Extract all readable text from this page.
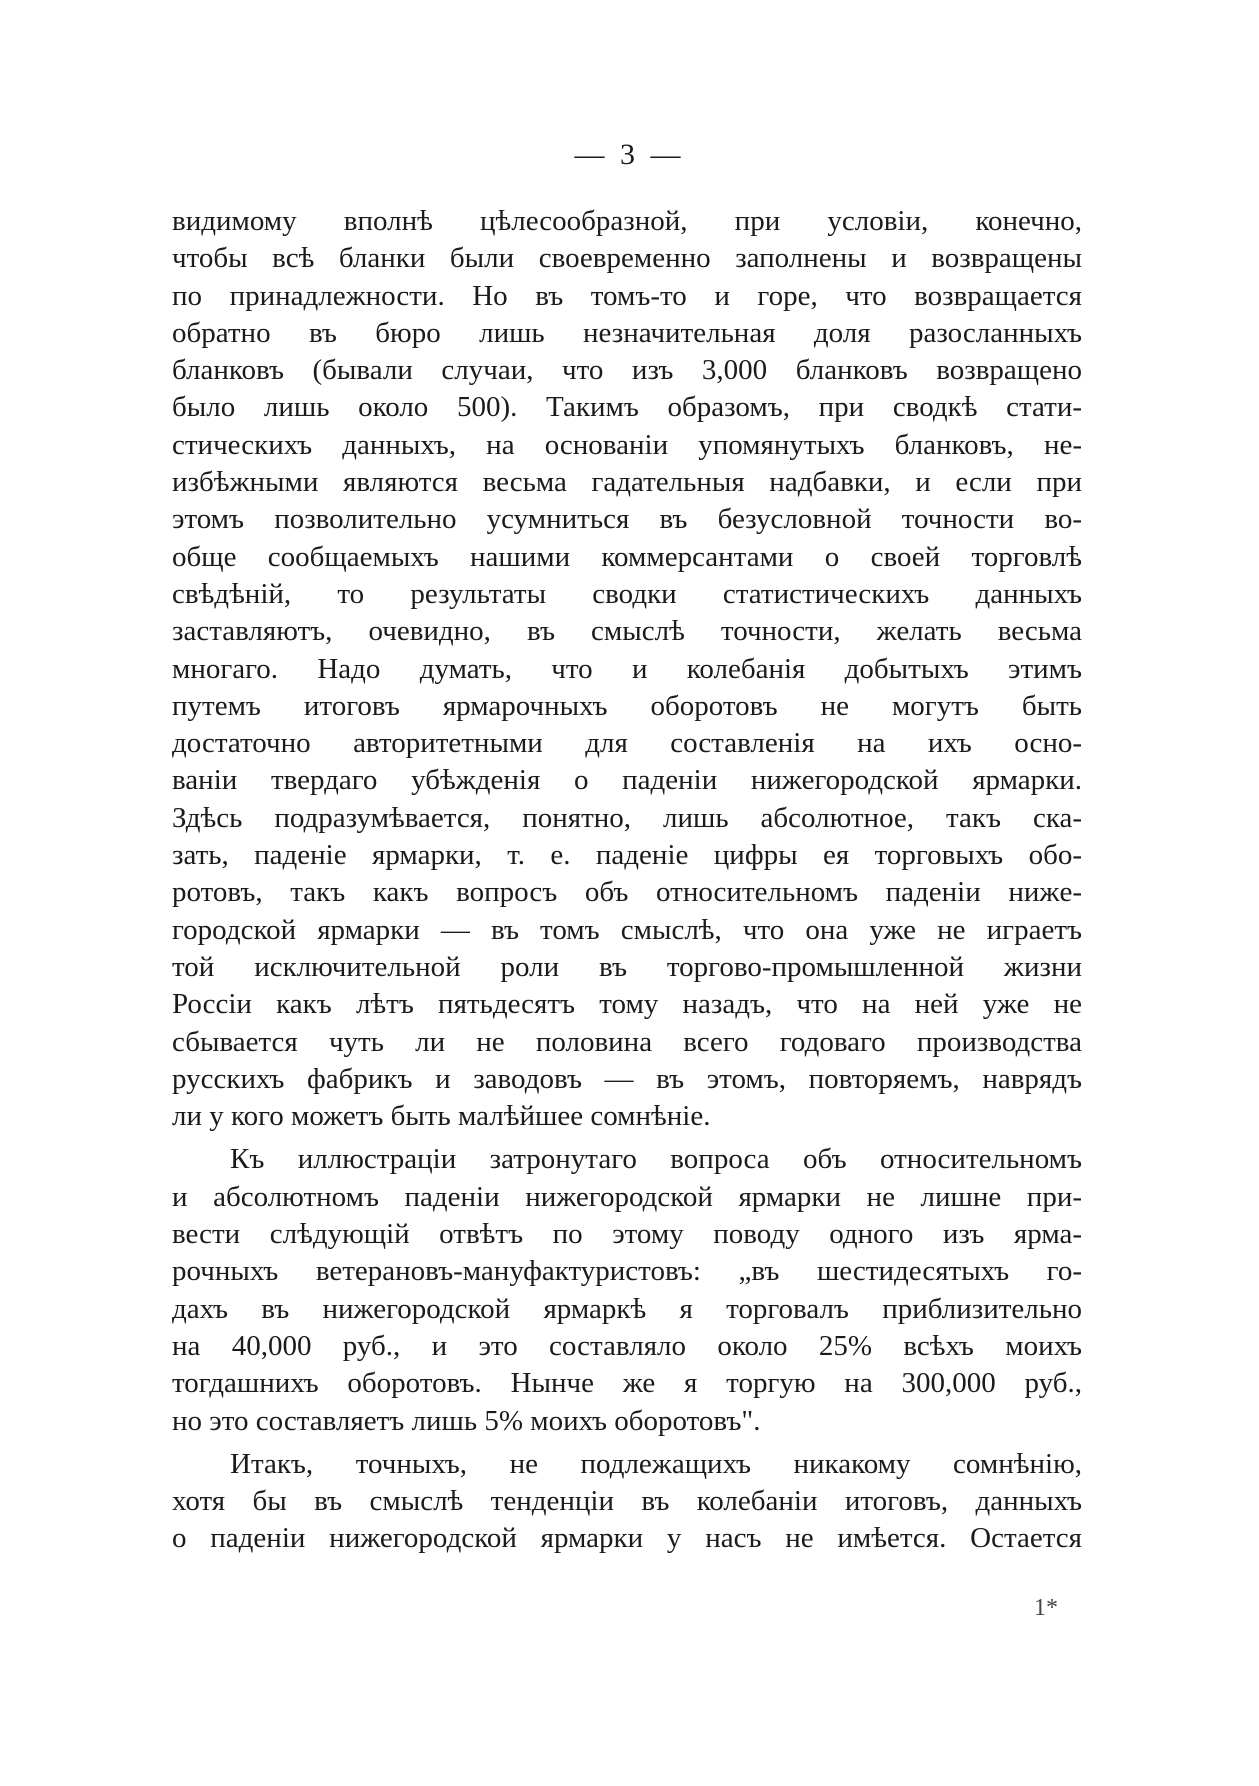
— 3 —
видимому вполнѣ цѣлесообразной, при условіи, конечно,
чтобы всѣ бланки были своевременно заполнены и возвращены
по принадлежности. Но въ томъ-то и горе, что возвращается
обратно въ бюро лишь незначительная доля разосланныхъ
бланковъ (бывали случаи, что изъ 3,000 бланковъ возвращено
было лишь около 500). Такимъ образомъ, при сводкѣ стати-
стическихъ данныхъ, на основаніи упомянутыхъ бланковъ, не-
избѣжными являются весьма гадательныя надбавки, и если при
этомъ позволительно усумниться въ безусловной точности во-
обще сообщаемыхъ нашими коммерсантами о своей торговлѣ
свѣдѣній, то результаты сводки статистическихъ данныхъ
заставляютъ, очевидно, въ смыслѣ точности, желать весьма
многаго. Надо думать, что и колебанія добытыхъ этимъ
путемъ итоговъ ярмарочныхъ оборотовъ не могутъ быть
достаточно авторитетными для составленія на ихъ осно-
ваніи твердаго убѣжденія о паденіи нижегородской ярмарки.
Здѣсь подразумѣвается, понятно, лишь абсолютное, такъ ска-
зать, паденіе ярмарки, т. е. паденіе цифры ея торговыхъ обо-
ротовъ, такъ какъ вопросъ объ относительномъ паденіи нижe-
городской ярмарки — въ томъ смыслѣ, что она уже не играетъ
той исключительной роли въ торгово-промышленной жизни
Россіи какъ лѣтъ пятьдесятъ тому назадъ, что на ней уже не
сбывается чуть ли не половина всего годоваго производства
русскихъ фабрикъ и заводовъ — въ этомъ, повторяемъ, наврядъ
ли у кого можетъ быть малѣйшее сомнѣніе.
Къ иллюстраціи затронутаго вопроса объ относительномъ
и абсолютномъ паденіи нижегородской ярмарки не лишне при-
вести слѣдующій отвѣтъ по этому поводу одного изъ ярма-
рочныхъ ветерановъ-мануфактуристовъ: „въ шестидесятыхъ го-
дахъ въ нижегородской ярмаркѣ я торговалъ приблизительно
на 40,000 руб., и это составляло около 25% всѣхъ моихъ
тогдашнихъ оборотовъ. Нынче же я торгую на 300,000 руб.,
но это составляетъ лишь 5% моихъ оборотовъ".
Итакъ, точныхъ, не подлежащихъ никакому сомнѣнію,
хотя бы въ смыслѣ тенденціи въ колебаніи итоговъ, данныхъ
о паденіи нижегородской ярмарки у насъ не имѣется. Остается
1*
